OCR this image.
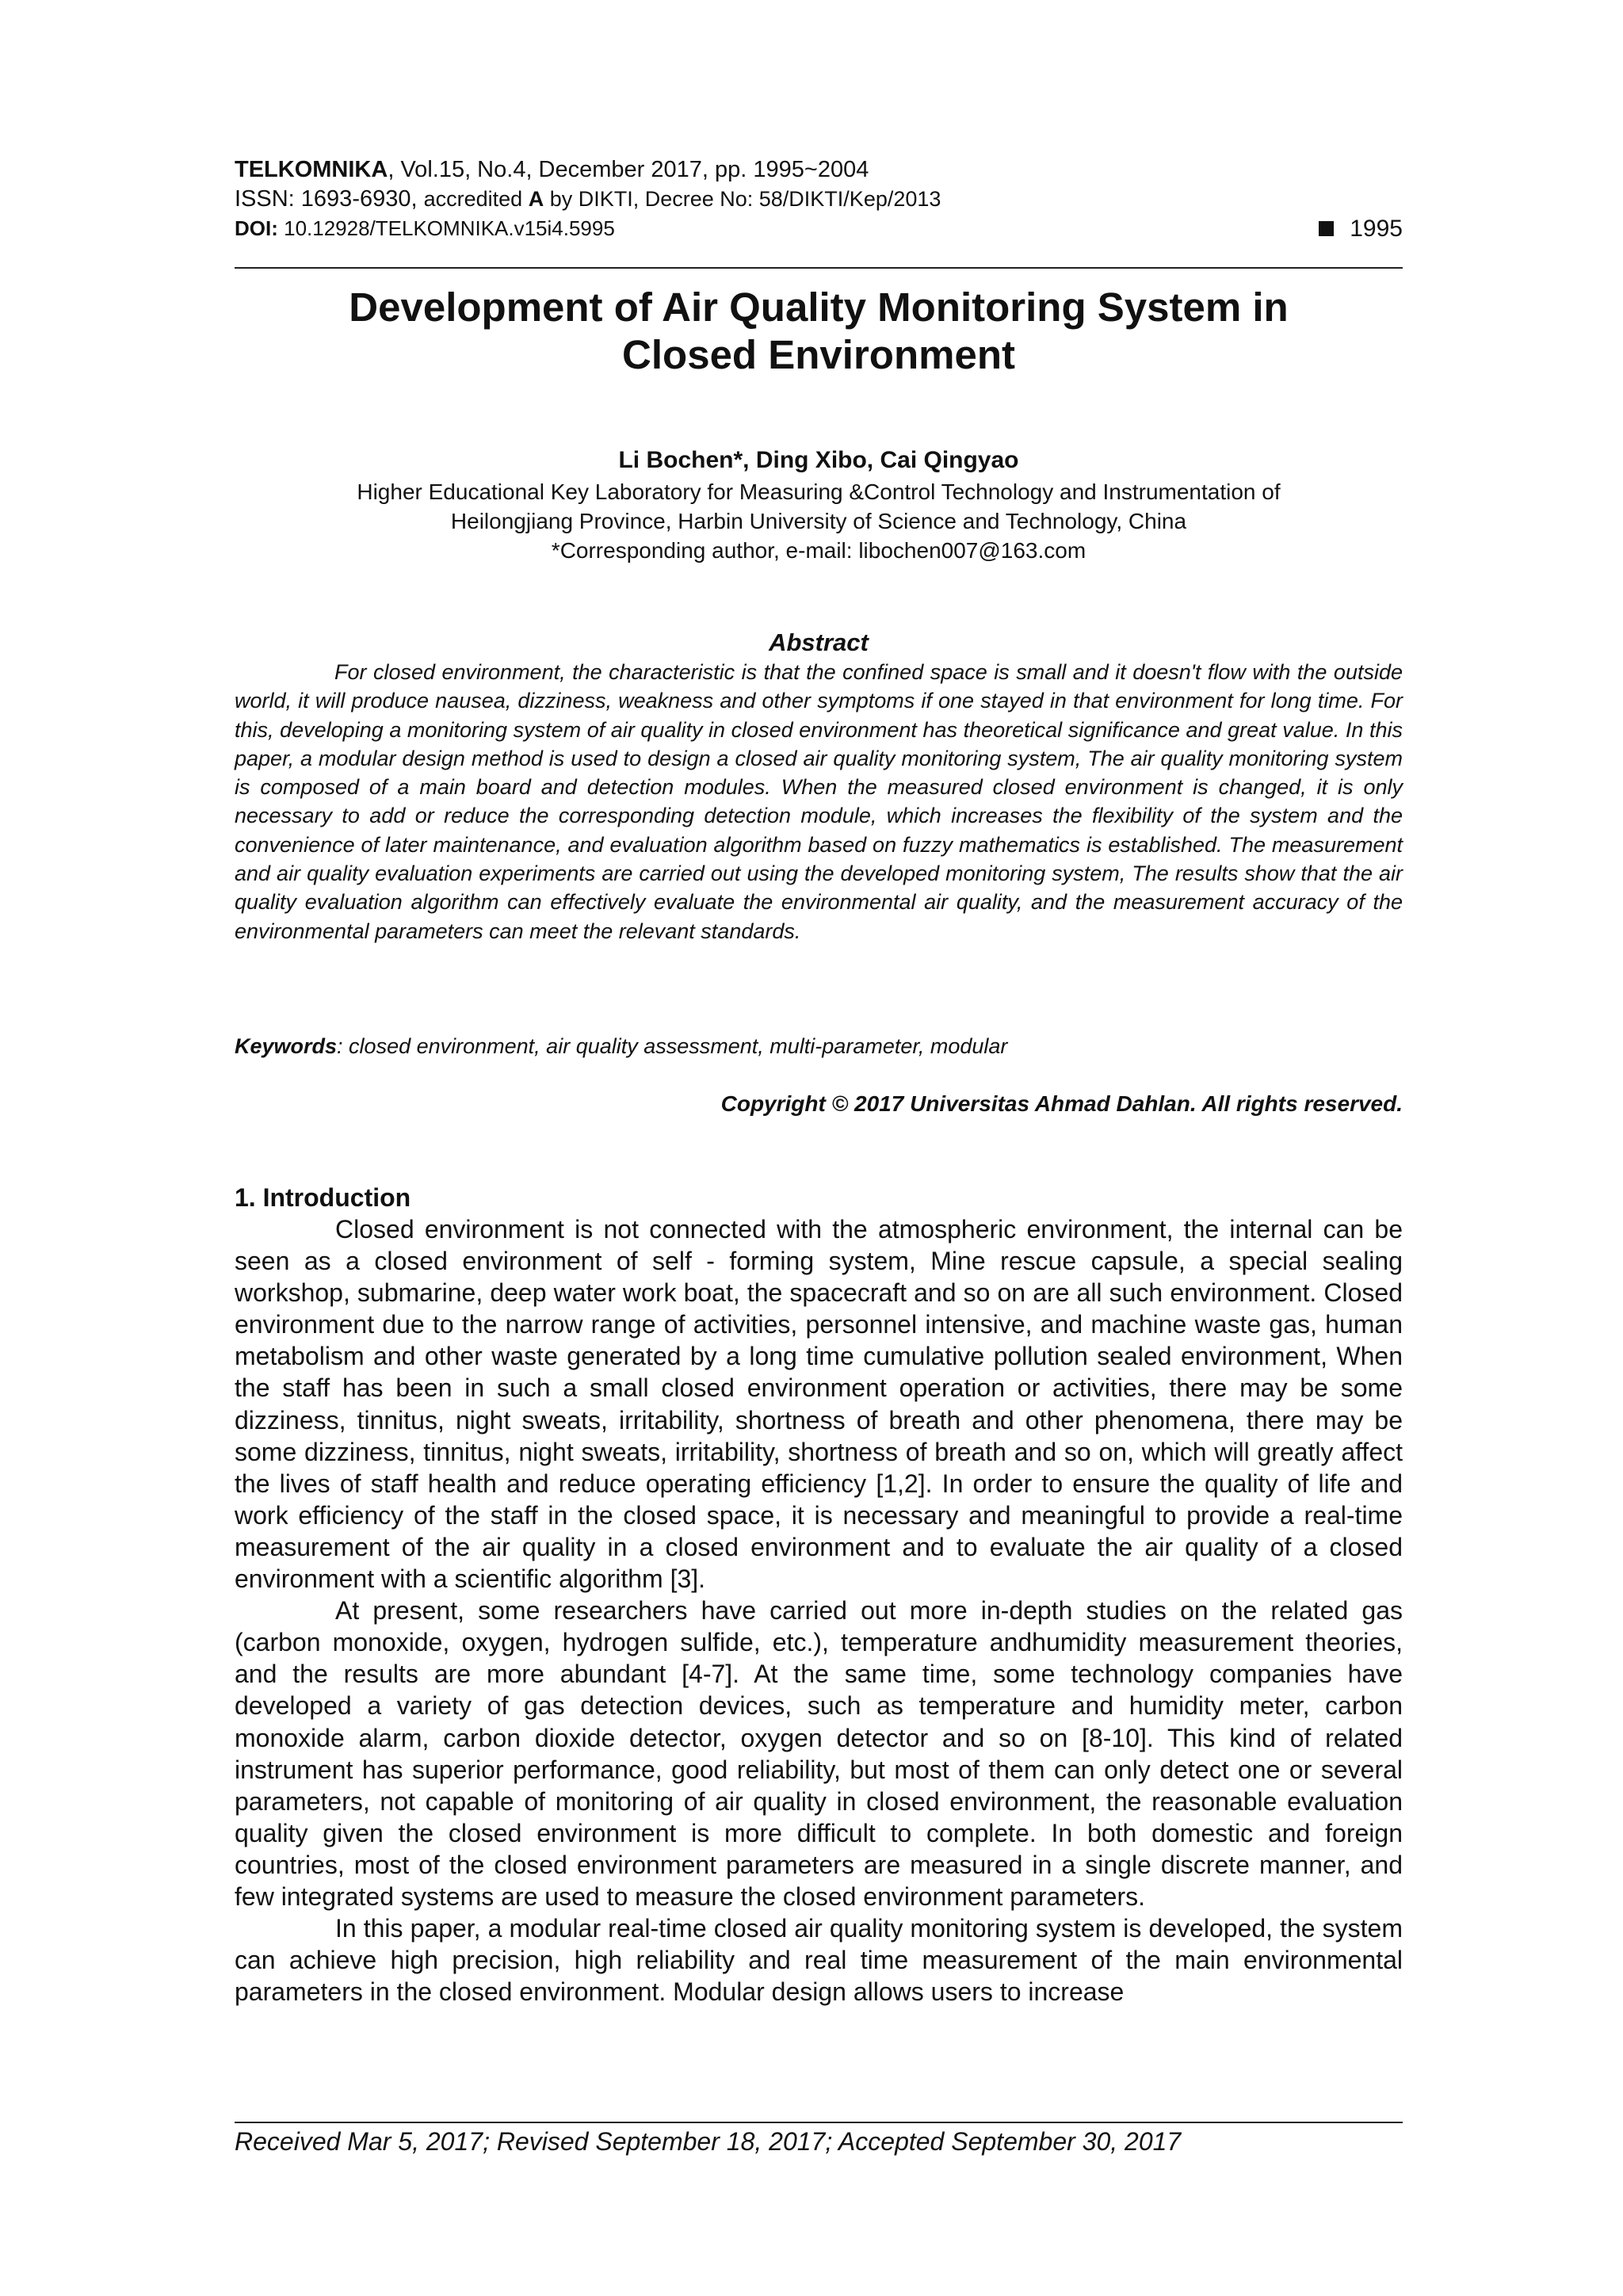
TELKOMNIKA, Vol.15, No.4, December 2017, pp. 1995~2004
ISSN: 1693-6930, accredited A by DIKTI, Decree No: 58/DIKTI/Kep/2013
DOI: 10.12928/TELKOMNIKA.v15i4.5995	1995
Development of Air Quality Monitoring System in
Closed Environment
Li Bochen*, Ding Xibo, Cai Qingyao
Higher Educational Key Laboratory for Measuring &Control Technology and Instrumentation of
Heilongjiang Province, Harbin University of Science and Technology, China
*Corresponding author, e-mail: libochen007@163.com
Abstract

For closed environment, the characteristic is that the confined space is small and it doesn't flow with the outside world, it will produce nausea, dizziness, weakness and other symptoms if one stayed in that environment for long time. For this, developing a monitoring system of air quality in closed environment has theoretical significance and great value. In this paper, a modular design method is used to design a closed air quality monitoring system, The air quality monitoring system is composed of a main board and detection modules. When the measured closed environment is changed, it is only necessary to add or reduce the corresponding detection module, which increases the flexibility of the system and the convenience of later maintenance, and evaluation algorithm based on fuzzy mathematics is established. The measurement and air quality evaluation experiments are carried out using the developed monitoring system, The results show that the air quality evaluation algorithm can effectively evaluate the environmental air quality, and the measurement accuracy of the environmental parameters can meet the relevant standards.

Keywords: closed environment, air quality assessment, multi-parameter, modular

Copyright © 2017 Universitas Ahmad Dahlan. All rights reserved.
1. Introduction

Closed environment is not connected with the atmospheric environment, the internal can be seen as a closed environment of self - forming system, Mine rescue capsule, a special sealing workshop, submarine, deep water work boat, the spacecraft and so on are all such environment. Closed environment due to the narrow range of activities, personnel intensive, and machine waste gas, human metabolism and other waste generated by a long time cumulative pollution sealed environment, When the staff has been in such a small closed environment operation or activities, there may be some dizziness, tinnitus, night sweats, irritability, shortness of breath and other phenomena, there may be some dizziness, tinnitus, night sweats, irritability, shortness of breath and so on, which will greatly affect the lives of staff health and reduce operating efficiency [1,2]. In order to ensure the quality of life and work efficiency of the staff in the closed space, it is necessary and meaningful to provide a real-time measurement of the air quality in a closed environment and to evaluate the air quality of a closed environment with a scientific algorithm [3].

At present, some researchers have carried out more in-depth studies on the related gas (carbon monoxide, oxygen, hydrogen sulfide, etc.), temperature andhumidity measurement theories, and the results are more abundant [4-7]. At the same time, some technology companies have developed a variety of gas detection devices, such as temperature and humidity meter, carbon monoxide alarm, carbon dioxide detector, oxygen detector and so on [8-10]. This kind of related instrument has superior performance, good reliability, but most of them can only detect one or several parameters, not capable of monitoring of air quality in closed environment, the reasonable evaluation quality given the closed environment is more difficult to complete. In both domestic and foreign countries, most of the closed environment parameters are measured in a single discrete manner, and few integrated systems are used to measure the closed environment parameters.

In this paper, a modular real-time closed air quality monitoring system is developed, the system can achieve high precision, high reliability and real time measurement of the main environmental parameters in the closed environment. Modular design allows users to increase

Received Mar 5, 2017; Revised September 18, 2017; Accepted September 30, 2017
